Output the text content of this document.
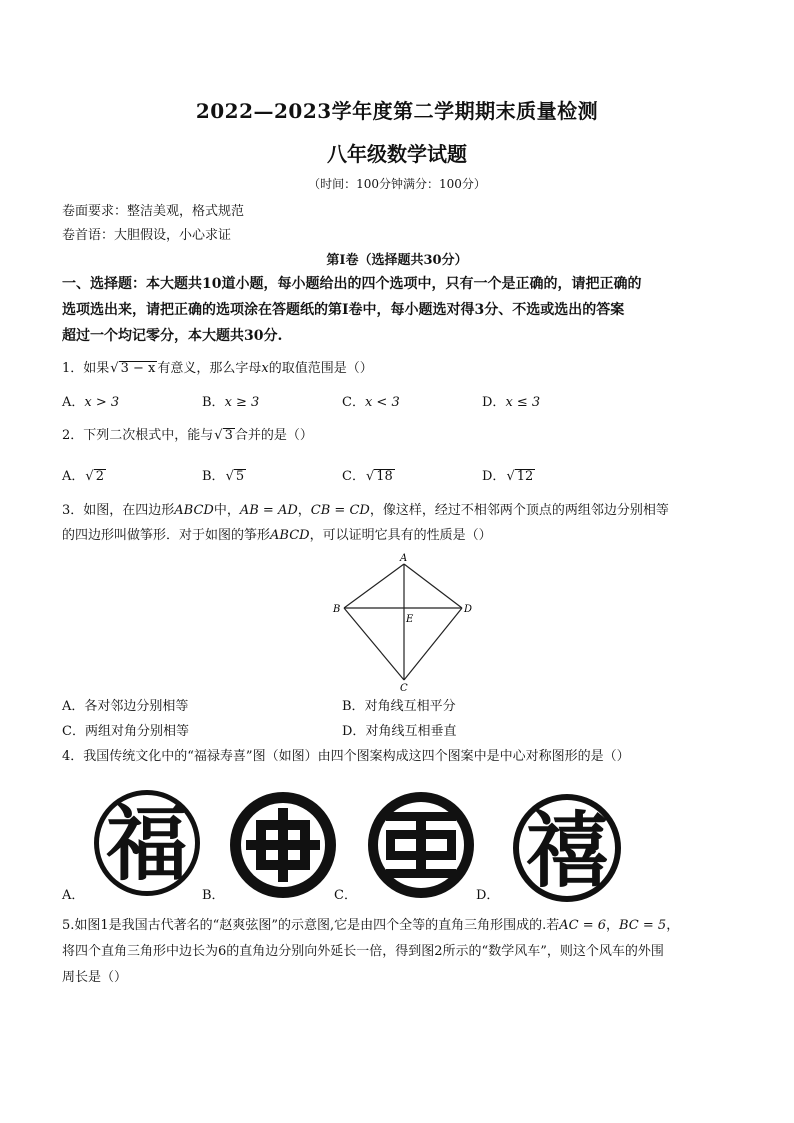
2022—2023学年度第二学期期末质量检测
八年级数学试题
（时间：100分钟满分：100分）
卷面要求：整洁美观，格式规范
卷首语：大胆假设，小心求证
第Ⅰ卷（选择题共30分）
一、选择题：本大题共10道小题，每小题给出的四个选项中，只有一个是正确的，请把正确的
选项选出来，请把正确的选项涂在答题纸的第Ⅰ卷中，每小题选对得3分、不选或选出的答案
超过一个均记零分，本大题共30分.
1．如果√ 3 − x 有意义，那么字母x的取值范围是（）
A．x > 3	B．x ≥ 3	C．x < 3	D．x ≤ 3
2．下列二次根式中，能与√ 3 合并的是（）
A．√ 2	B．√ 5	C．√ 18	D．√ 12
3．如图，在四边形ABCD中，AB = AD，CB = CD，像这样，经过不相邻两个顶点的两组邻边分别相等
的四边形叫做筝形．对于如图的筝形ABCD，可以证明它具有的性质是（）
A
B	D
E
C
A．各对邻边分别相等	B．对角线互相平分
C．两组对角分别相等	D．对角线互相垂直
4．我国传统文化中的“福禄寿喜”图（如图）由四个图案构成这四个图案中是中心对称图形的是（）
福	禧
A．	B．	C．	D．
5.如图1是我国古代著名的“赵爽弦图”的示意图,它是由四个全等的直角三角形围成的.若AC = 6，BC = 5，
将四个直角三角形中边长为6的直角边分别向外延长一倍，得到图2所示的“数学风车”，则这个风车的外围
周长是（）
